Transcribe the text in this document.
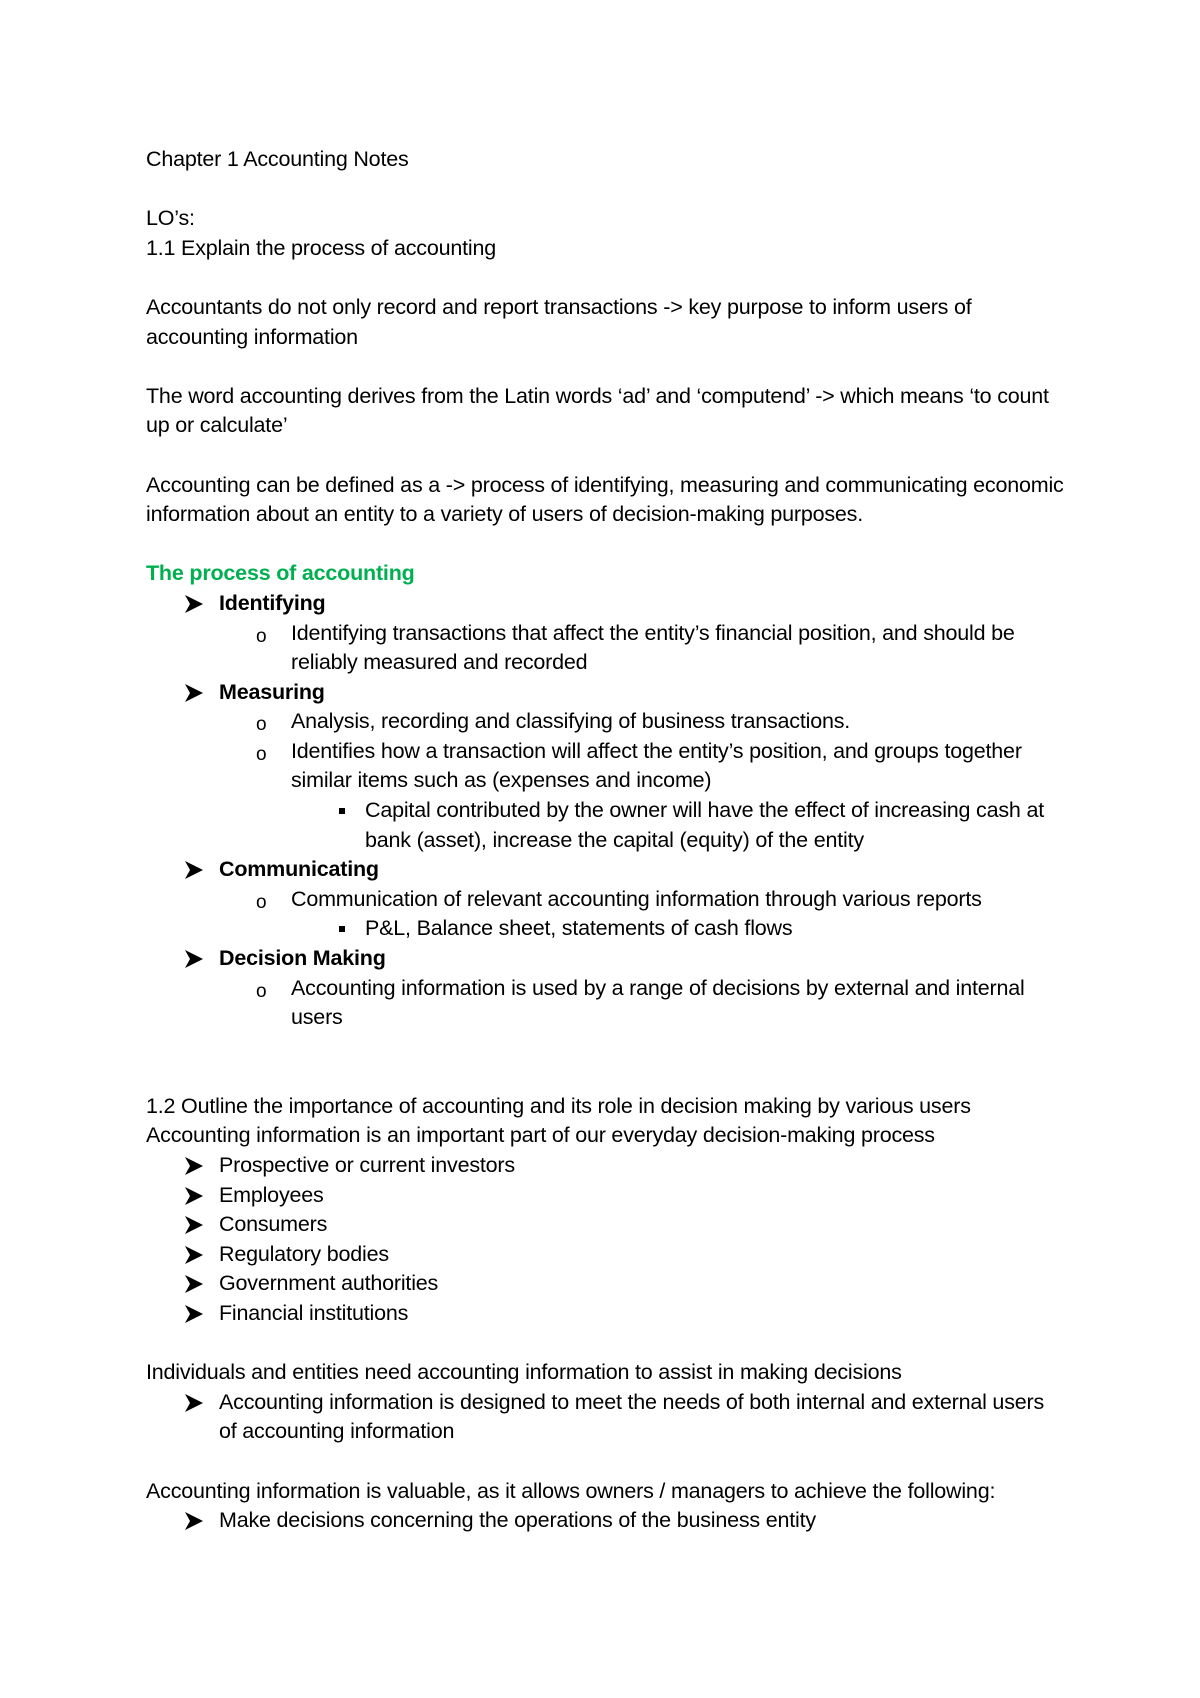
Chapter 1 Accounting Notes

LO’s:

1.1 Explain the process of accounting

Accountants do not only record and report transactions -> key purpose to inform users of accounting information

The word accounting derives from the Latin words ‘ad’ and ‘computend’ -> which means ‘to count up or calculate’

Accounting can be defined as a -> process of identifying, measuring and communicating economic information about an entity to a variety of users of decision-making purposes.

The process of accounting

Identifying
o Identifying transactions that affect the entity’s financial position, and should be reliably measured and recorded
Measuring
o Analysis, recording and classifying of business transactions.
o Identifies how a transaction will affect the entity’s position, and groups together similar items such as (expenses and income)
Capital contributed by the owner will have the effect of increasing cash at bank (asset), increase the capital (equity) of the entity
Communicating
o Communication of relevant accounting information through various reports
P&L, Balance sheet, statements of cash flows
Decision Making
o Accounting information is used by a range of decisions by external and internal users

1.2 Outline the importance of accounting and its role in decision making by various users

Accounting information is an important part of our everyday decision-making process

Prospective or current investors
Employees
Consumers
Regulatory bodies
Government authorities
Financial institutions

Individuals and entities need accounting information to assist in making decisions

Accounting information is designed to meet the needs of both internal and external users of accounting information

Accounting information is valuable, as it allows owners / managers to achieve the following:

Make decisions concerning the operations of the business entity
